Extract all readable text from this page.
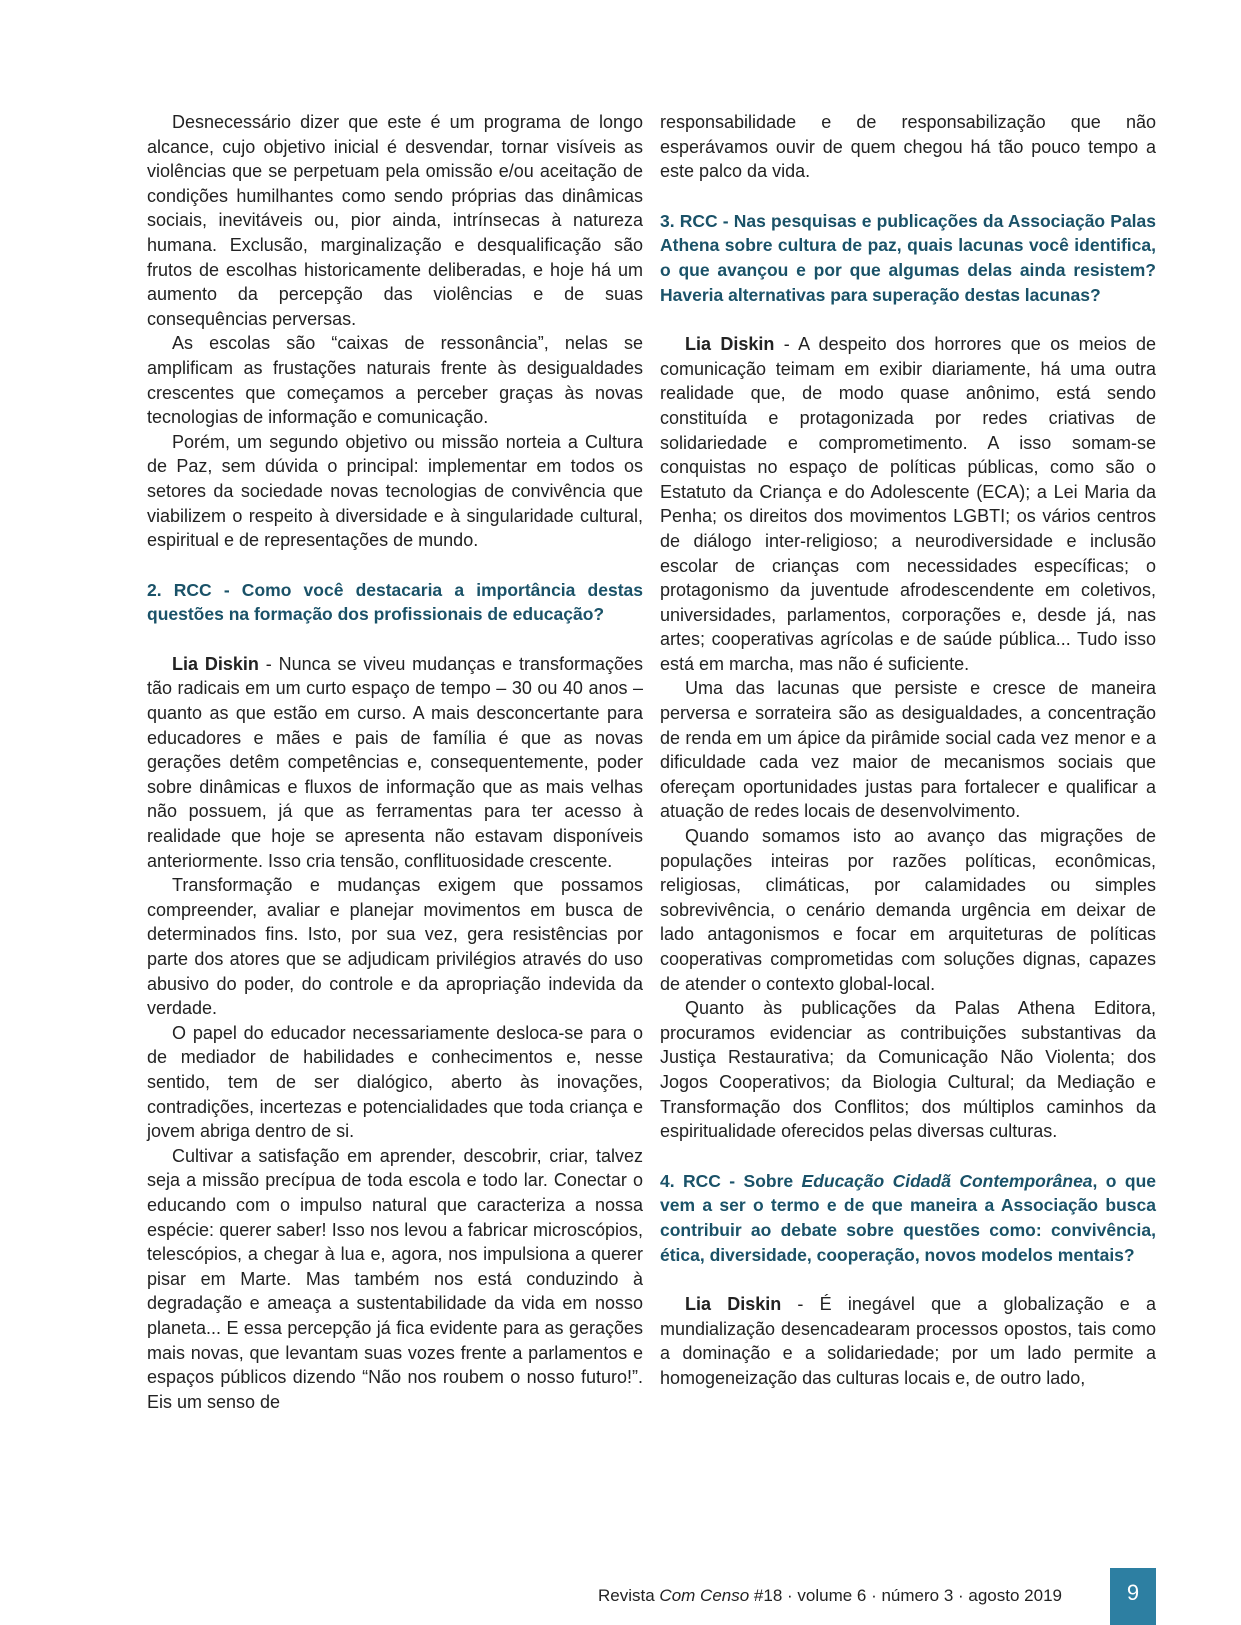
Desnecessário dizer que este é um programa de longo alcance, cujo objetivo inicial é desvendar, tornar visíveis as violências que se perpetuam pela omissão e/ou aceitação de condições humilhantes como sendo próprias das dinâmicas sociais, inevitáveis ou, pior ainda, intrínsecas à natureza humana. Exclusão, marginalização e desqualificação são frutos de escolhas historicamente deliberadas, e hoje há um aumento da percepção das violências e de suas consequências perversas.

As escolas são “caixas de ressonância”, nelas se amplificam as frustações naturais frente às desigualdades crescentes que começamos a perceber graças às novas tecnologias de informação e comunicação.

Porém, um segundo objetivo ou missão norteia a Cultura de Paz, sem dúvida o principal: implementar em todos os setores da sociedade novas tecnologias de convivência que viabilizem o respeito à diversidade e à singularidade cultural, espiritual e de representações de mundo.

2. RCC - Como você destacaria a importância destas questões na formação dos profissionais de educação?

Lia Diskin - Nunca se viveu mudanças e transformações tão radicais em um curto espaço de tempo – 30 ou 40 anos – quanto as que estão em curso. A mais desconcertante para educadores e mães e pais de família é que as novas gerações detêm competências e, consequentemente, poder sobre dinâmicas e fluxos de informação que as mais velhas não possuem, já que as ferramentas para ter acesso à realidade que hoje se apresenta não estavam disponíveis anteriormente. Isso cria tensão, conflituosidade crescente.

Transformação e mudanças exigem que possamos compreender, avaliar e planejar movimentos em busca de determinados fins. Isto, por sua vez, gera resistências por parte dos atores que se adjudicam privilégios através do uso abusivo do poder, do controle e da apropriação indevida da verdade.

O papel do educador necessariamente desloca-se para o de mediador de habilidades e conhecimentos e, nesse sentido, tem de ser dialógico, aberto às inovações, contradições, incertezas e potencialidades que toda criança e jovem abriga dentro de si.

Cultivar a satisfação em aprender, descobrir, criar, talvez seja a missão precípua de toda escola e todo lar. Conectar o educando com o impulso natural que caracteriza a nossa espécie: querer saber! Isso nos levou a fabricar microscópios, telescópios, a chegar à lua e, agora, nos impulsiona a querer pisar em Marte. Mas também nos está conduzindo à degradação e ameaça a sustentabilidade da vida em nosso planeta... E essa percepção já fica evidente para as gerações mais novas, que levantam suas vozes frente a parlamentos e espaços públicos dizendo “Não nos roubem o nosso futuro!”. Eis um senso de

responsabilidade e de responsabilização que não esperávamos ouvir de quem chegou há tão pouco tempo a este palco da vida.

3. RCC - Nas pesquisas e publicações da Associação Palas Athena sobre cultura de paz, quais lacunas você identifica, o que avançou e por que algumas delas ainda resistem? Haveria alternativas para superação destas lacunas?

Lia Diskin - A despeito dos horrores que os meios de comunicação teimam em exibir diariamente, há uma outra realidade que, de modo quase anônimo, está sendo constituída e protagonizada por redes criativas de solidariedade e comprometimento. A isso somam-se conquistas no espaço de políticas públicas, como são o Estatuto da Criança e do Adolescente (ECA); a Lei Maria da Penha; os direitos dos movimentos LGBTI; os vários centros de diálogo inter-religioso; a neurodiversidade e inclusão escolar de crianças com necessidades específicas; o protagonismo da juventude afrodescendente em coletivos, universidades, parlamentos, corporações e, desde já, nas artes; cooperativas agrícolas e de saúde pública... Tudo isso está em marcha, mas não é suficiente.

Uma das lacunas que persiste e cresce de maneira perversa e sorrateira são as desigualdades, a concentração de renda em um ápice da pirâmide social cada vez menor e a dificuldade cada vez maior de mecanismos sociais que ofereçam oportunidades justas para fortalecer e qualificar a atuação de redes locais de desenvolvimento.

Quando somamos isto ao avanço das migrações de populações inteiras por razões políticas, econômicas, religiosas, climáticas, por calamidades ou simples sobrevivência, o cenário demanda urgência em deixar de lado antagonismos e focar em arquiteturas de políticas cooperativas comprometidas com soluções dignas, capazes de atender o contexto global-local.

Quanto às publicações da Palas Athena Editora, procuramos evidenciar as contribuições substantivas da Justiça Restaurativa; da Comunicação Não Violenta; dos Jogos Cooperativos; da Biologia Cultural; da Mediação e Transformação dos Conflitos; dos múltiplos caminhos da espiritualidade oferecidos pelas diversas culturas.

4. RCC - Sobre Educação Cidadã Contemporânea, o que vem a ser o termo e de que maneira a Associação busca contribuir ao debate sobre questões como: convivência, ética, diversidade, cooperação, novos modelos mentais?

Lia Diskin - É inegável que a globalização e a mundialização desencadearam processos opostos, tais como a dominação e a solidariedade; por um lado permite a homogeneização das culturas locais e, de outro lado,

Revista Com Censo #18 · volume 6 · número 3 · agosto 2019	9
